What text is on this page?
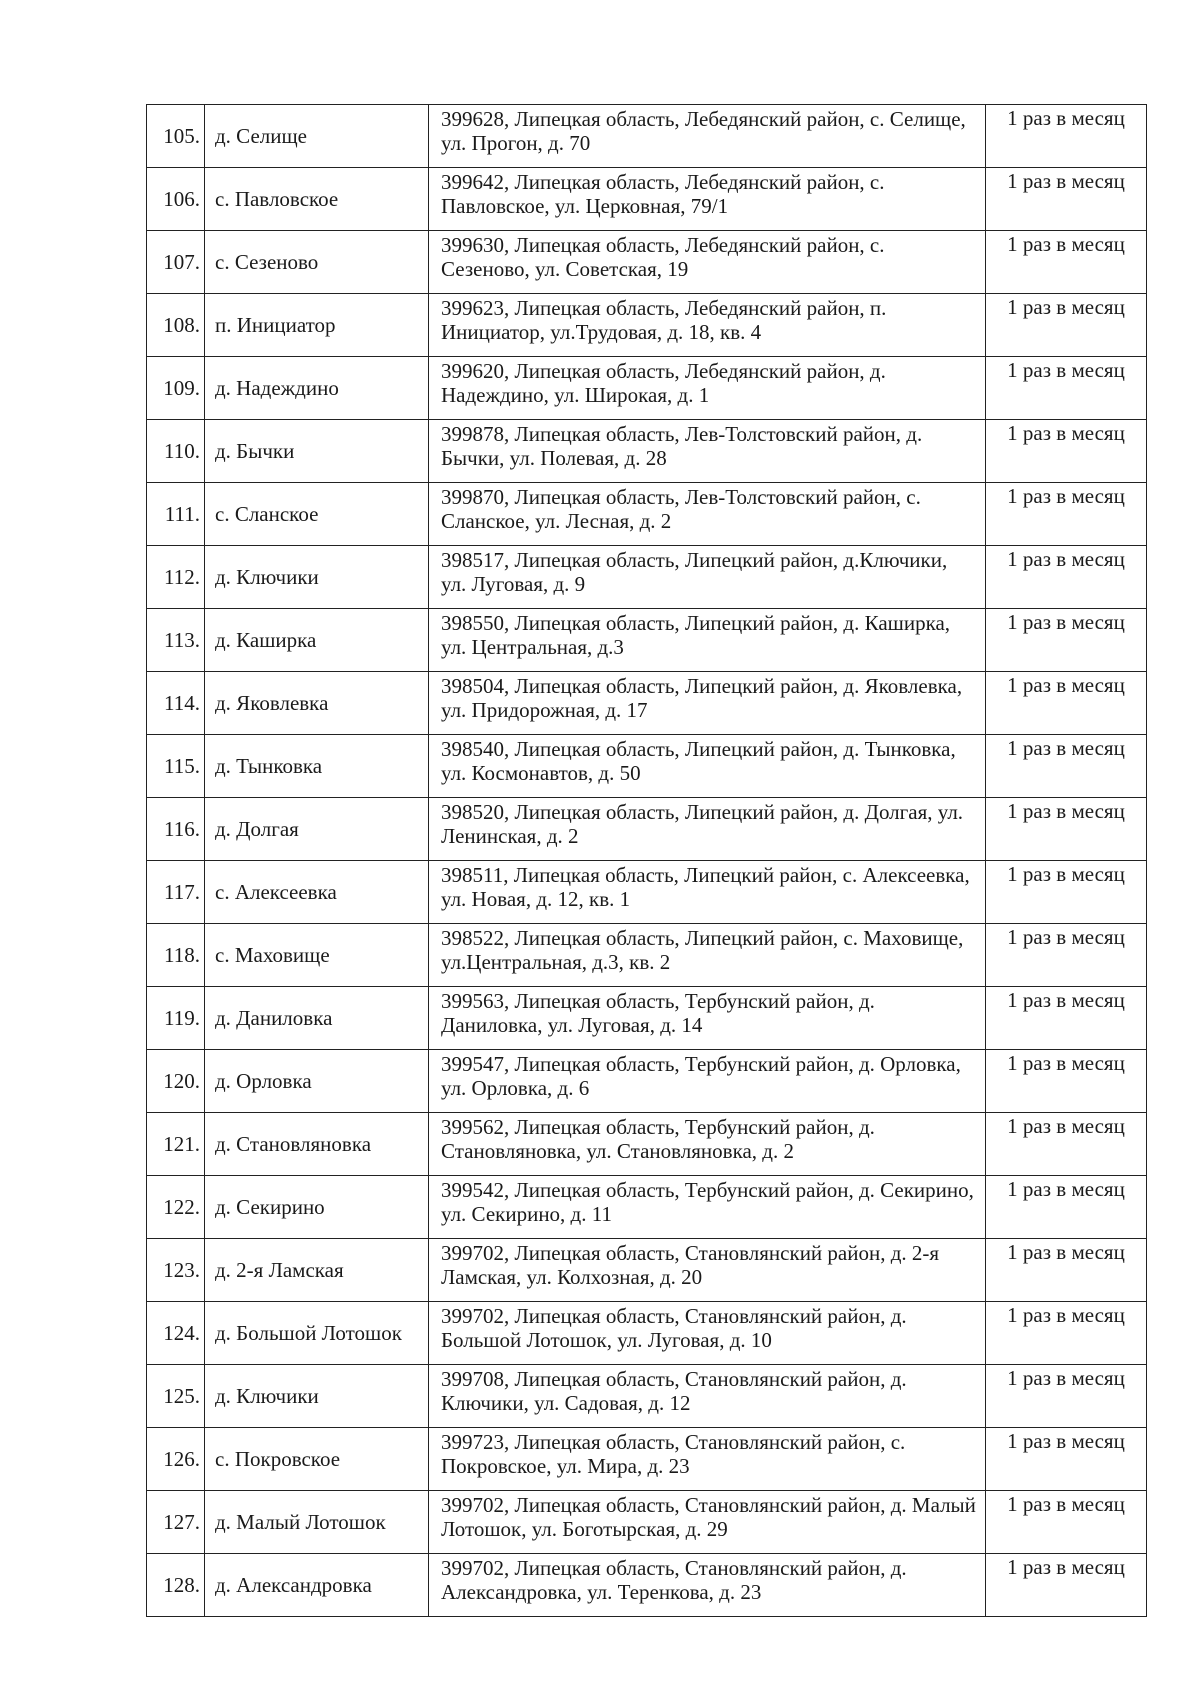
105.	д. Селище	399628, Липецкая область, Лебедянский район, с. Селище, ул. Прогон, д. 70	1 раз в месяц
106.	с. Павловское	399642, Липецкая область, Лебедянский район, с. Павловское, ул. Церковная, 79/1	1 раз в месяц
107.	с. Сезеново	399630, Липецкая область, Лебедянский район, с. Сезеново, ул. Советская, 19	1 раз в месяц
108.	п. Инициатор	399623, Липецкая область, Лебедянский район, п. Инициатор, ул.Трудовая, д. 18, кв. 4	1 раз в месяц
109.	д. Надеждино	399620, Липецкая область, Лебедянский район, д. Надеждино, ул. Широкая, д. 1	1 раз в месяц
110.	д. Бычки	399878, Липецкая область, Лев-Толстовский район, д. Бычки, ул. Полевая, д. 28	1 раз в месяц
111.	с. Сланское	399870, Липецкая область, Лев-Толстовский район, с. Сланское, ул. Лесная, д. 2	1 раз в месяц
112.	д. Ключики	398517, Липецкая область, Липецкий район, д.Ключики, ул. Луговая, д. 9	1 раз в месяц
113.	д. Каширка	398550, Липецкая область, Липецкий район, д. Каширка, ул. Центральная, д.3	1 раз в месяц
114.	д. Яковлевка	398504, Липецкая область, Липецкий район, д. Яковлевка, ул. Придорожная, д. 17	1 раз в месяц
115.	д. Тынковка	398540, Липецкая область, Липецкий район, д. Тынковка, ул. Космонавтов, д. 50	1 раз в месяц
116.	д. Долгая	398520, Липецкая область, Липецкий район, д. Долгая, ул. Ленинская, д. 2	1 раз в месяц
117.	с. Алексеевка	398511, Липецкая область, Липецкий район, с. Алексеевка, ул. Новая, д. 12, кв. 1	1 раз в месяц
118.	с. Маховище	398522, Липецкая область, Липецкий район, с. Маховище, ул.Центральная, д.3, кв. 2	1 раз в месяц
119.	д. Даниловка	399563, Липецкая область, Тербунский район, д. Даниловка, ул. Луговая, д. 14	1 раз в месяц
120.	д. Орловка	399547, Липецкая область, Тербунский район, д. Орловка, ул. Орловка, д. 6	1 раз в месяц
121.	д. Становляновка	399562, Липецкая область, Тербунский район, д. Становляновка, ул. Становляновка, д. 2	1 раз в месяц
122.	д. Секирино	399542, Липецкая область, Тербунский район, д. Секирино, ул. Секирино, д. 11	1 раз в месяц
123.	д. 2-я Ламская	399702, Липецкая область, Становлянский район, д. 2-я Ламская, ул. Колхозная, д. 20	1 раз в месяц
124.	д. Большой Лотошок	399702, Липецкая область, Становлянский район, д. Большой Лотошок, ул. Луговая, д. 10	1 раз в месяц
125.	д. Ключики	399708, Липецкая область, Становлянский район, д. Ключики, ул. Садовая, д. 12	1 раз в месяц
126.	с. Покровское	399723, Липецкая область, Становлянский район, с. Покровское, ул. Мира, д. 23	1 раз в месяц
127.	д. Малый Лотошок	399702, Липецкая область, Становлянский район, д. Малый Лотошок, ул. Боготырская, д. 29	1 раз в месяц
128.	д. Александровка	399702, Липецкая область, Становлянский район, д. Александровка, ул. Теренкова, д. 23	1 раз в месяц
